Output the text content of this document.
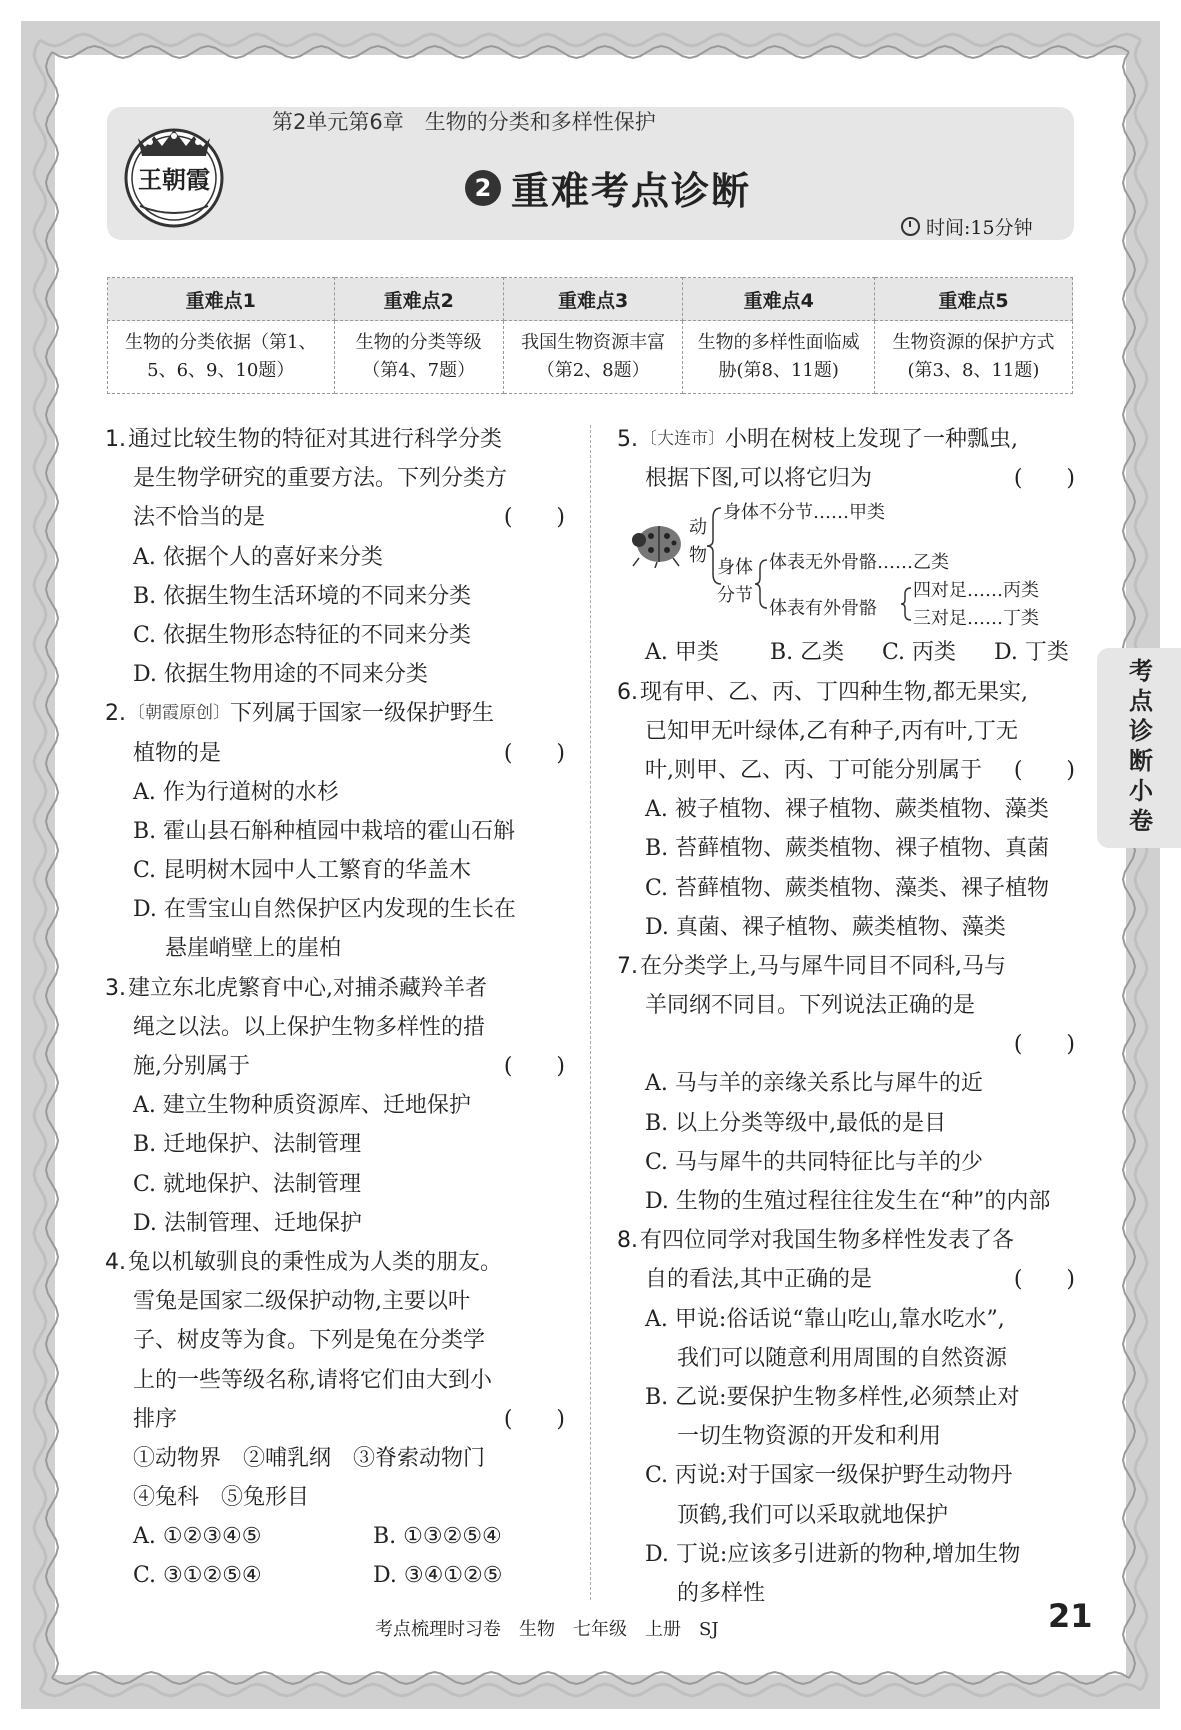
王朝霞
第2单元第6章　生物的分类和多样性保护
2 重难考点诊断
时间:15分钟
重难点1	重难点2	重难点3	重难点4	重难点5
生物的分类依据（第1、5、6、9、10题）	生物的分类等级（第4、7题）	我国生物资源丰富（第2、8题）	生物的多样性面临威胁(第8、11题)	生物资源的保护方式(第3、8、11题)
1. 通过比较生物的特征对其进行科学分类
是生物学研究的重要方法。下列分类方
法不恰当的是	(　　)
A. 依据个人的喜好来分类
B. 依据生物生活环境的不同来分类
C. 依据生物形态特征的不同来分类
D. 依据生物用途的不同来分类
2. 〔朝霞原创〕 下列属于国家一级保护野生
植物的是	(　　)
A. 作为行道树的水杉
B. 霍山县石斛种植园中栽培的霍山石斛
C. 昆明树木园中人工繁育的华盖木
D. 在雪宝山自然保护区内发现的生长在
悬崖峭壁上的崖柏
3. 建立东北虎繁育中心,对捕杀藏羚羊者
绳之以法。以上保护生物多样性的措
施,分别属于	(　　)
A. 建立生物种质资源库、迁地保护
B. 迁地保护、法制管理
C. 就地保护、法制管理
D. 法制管理、迁地保护
4. 兔以机敏驯良的秉性成为人类的朋友。
雪兔是国家二级保护动物,主要以叶
子、树皮等为食。下列是兔在分类学
上的一些等级名称,请将它们由大到小
排序	(　　)
①动物界　②哺乳纲　③脊索动物门
④兔科　⑤兔形目
A. ①②③④⑤	B. ①③②⑤④
C. ③①②⑤④	D. ③④①②⑤
5. 〔大连市〕 小明在树枝上发现了一种瓢虫,
根据下图,可以将它归为	(　　)
动物
身体不分节……甲类
身体分节
体表无外骨骼……乙类
体表有外骨骼
四对足……丙类
三对足……丁类
A. 甲类	B. 乙类	C. 丙类	D. 丁类
6. 现有甲、乙、丙、丁四种生物,都无果实,
已知甲无叶绿体,乙有种子,丙有叶,丁无
叶,则甲、乙、丙、丁可能分别属于 (　　)
A. 被子植物、裸子植物、蕨类植物、藻类
B. 苔藓植物、蕨类植物、裸子植物、真菌
C. 苔藓植物、蕨类植物、藻类、裸子植物
D. 真菌、裸子植物、蕨类植物、藻类
7. 在分类学上,马与犀牛同目不同科,马与
羊同纲不同目。下列说法正确的是
(　　)
A. 马与羊的亲缘关系比与犀牛的近
B. 以上分类等级中,最低的是目
C. 马与犀牛的共同特征比与羊的少
D. 生物的生殖过程往往发生在“种”的内部
8. 有四位同学对我国生物多样性发表了各
自的看法,其中正确的是	(　　)
A. 甲说:俗话说“靠山吃山,靠水吃水”,
我们可以随意利用周围的自然资源
B. 乙说:要保护生物多样性,必须禁止对
一切生物资源的开发和利用
C. 丙说:对于国家一级保护野生动物丹
顶鹤,我们可以采取就地保护
D. 丁说:应该多引进新的物种,增加生物
的多样性
考点诊断小卷
考点梳理时习卷　生物　七年级　上册　SJ	21
